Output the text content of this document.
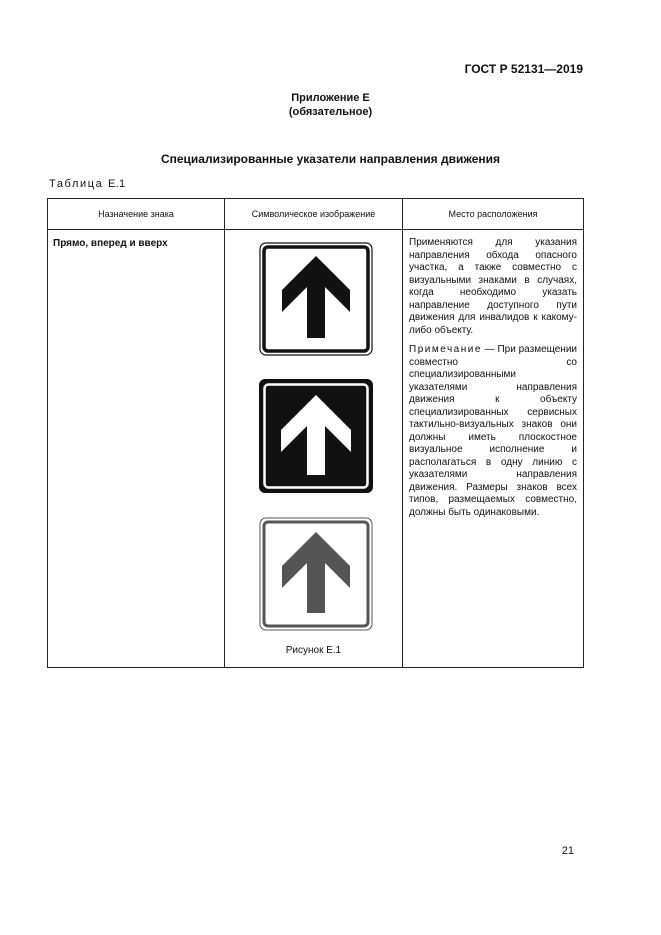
ГОСТ Р 52131—2019
Приложение Е
(обязательное)
Специализированные указатели направления движения
Таблица Е.1
Назначение знака	Символическое изображение	Место расположения
Прямо, вперед и вверх	Рисунок Е.1	Применяются для указания направления обхода опасного участка, а также совместно с визуальными знаками в случаях, когда необходимо указать направление доступного пути движения для инвалидов к какому-либо объекту.

Примечание — При размещении совместно со специализированными указателями направления движения к объекту специализированных сервисных тактильно-визуальных знаков они должны иметь плоскостное визуальное исполнение и располагаться в одну линию с указателями направления движения. Размеры знаков всех типов, размещаемых совместно, должны быть одинаковыми.

21
